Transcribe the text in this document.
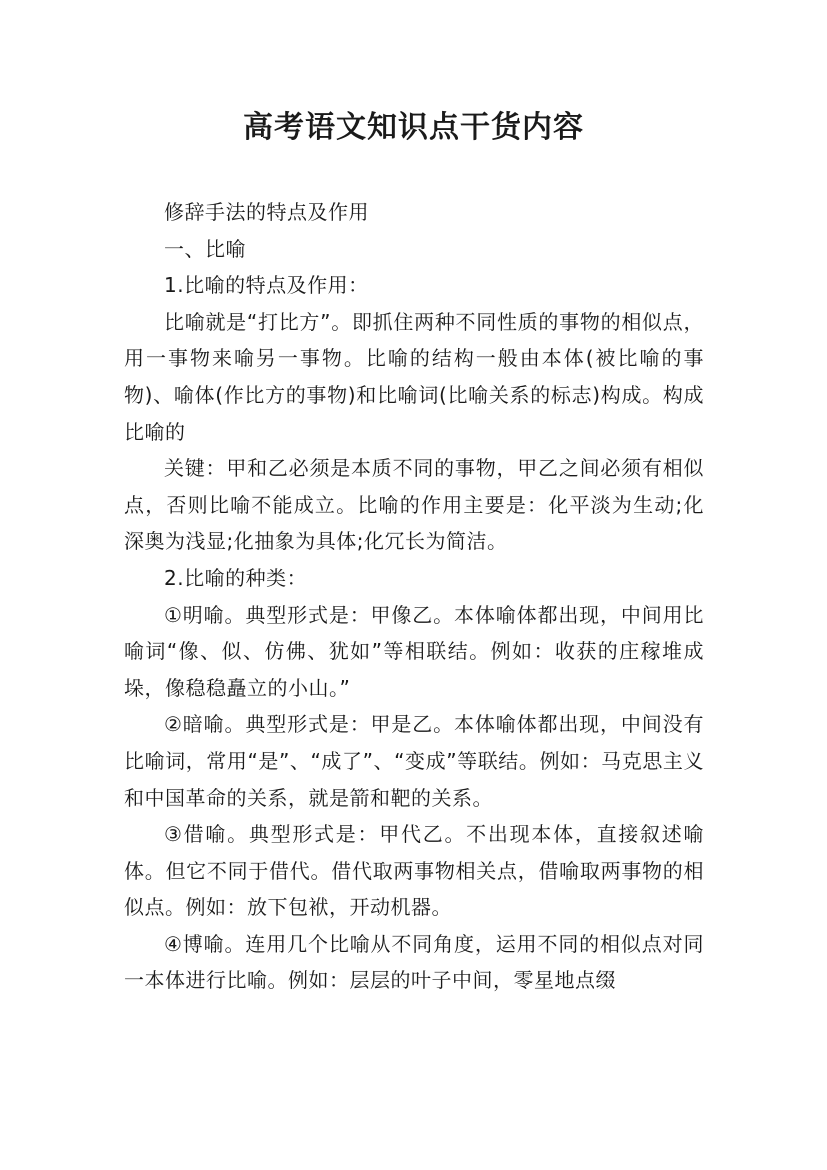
高考语文知识点干货内容

修辞手法的特点及作用

一、比喻

1.比喻的特点及作用：

比喻就是“打比方”。即抓住两种不同性质的事物的相似点，用一事物来喻另一事物。比喻的结构一般由本体(被比喻的事物)、喻体(作比方的事物)和比喻词(比喻关系的标志)构成。构成比喻的

关键：甲和乙必须是本质不同的事物，甲乙之间必须有相似点，否则比喻不能成立。比喻的作用主要是：化平淡为生动;化深奥为浅显;化抽象为具体;化冗长为简洁。

2.比喻的种类：

①明喻。典型形式是：甲像乙。本体喻体都出现，中间用比喻词“像、似、仿佛、犹如”等相联结。例如：收获的庄稼堆成垛，像稳稳矗立的小山。”

②暗喻。典型形式是：甲是乙。本体喻体都出现，中间没有比喻词，常用“是”、“成了”、“变成”等联结。例如：马克思主义和中国革命的关系，就是箭和靶的关系。

③借喻。典型形式是：甲代乙。不出现本体，直接叙述喻体。但它不同于借代。借代取两事物相关点，借喻取两事物的相似点。例如：放下包袱，开动机器。

④博喻。连用几个比喻从不同角度，运用不同的相似点对同一本体进行比喻。例如：层层的叶子中间，零星地点缀
